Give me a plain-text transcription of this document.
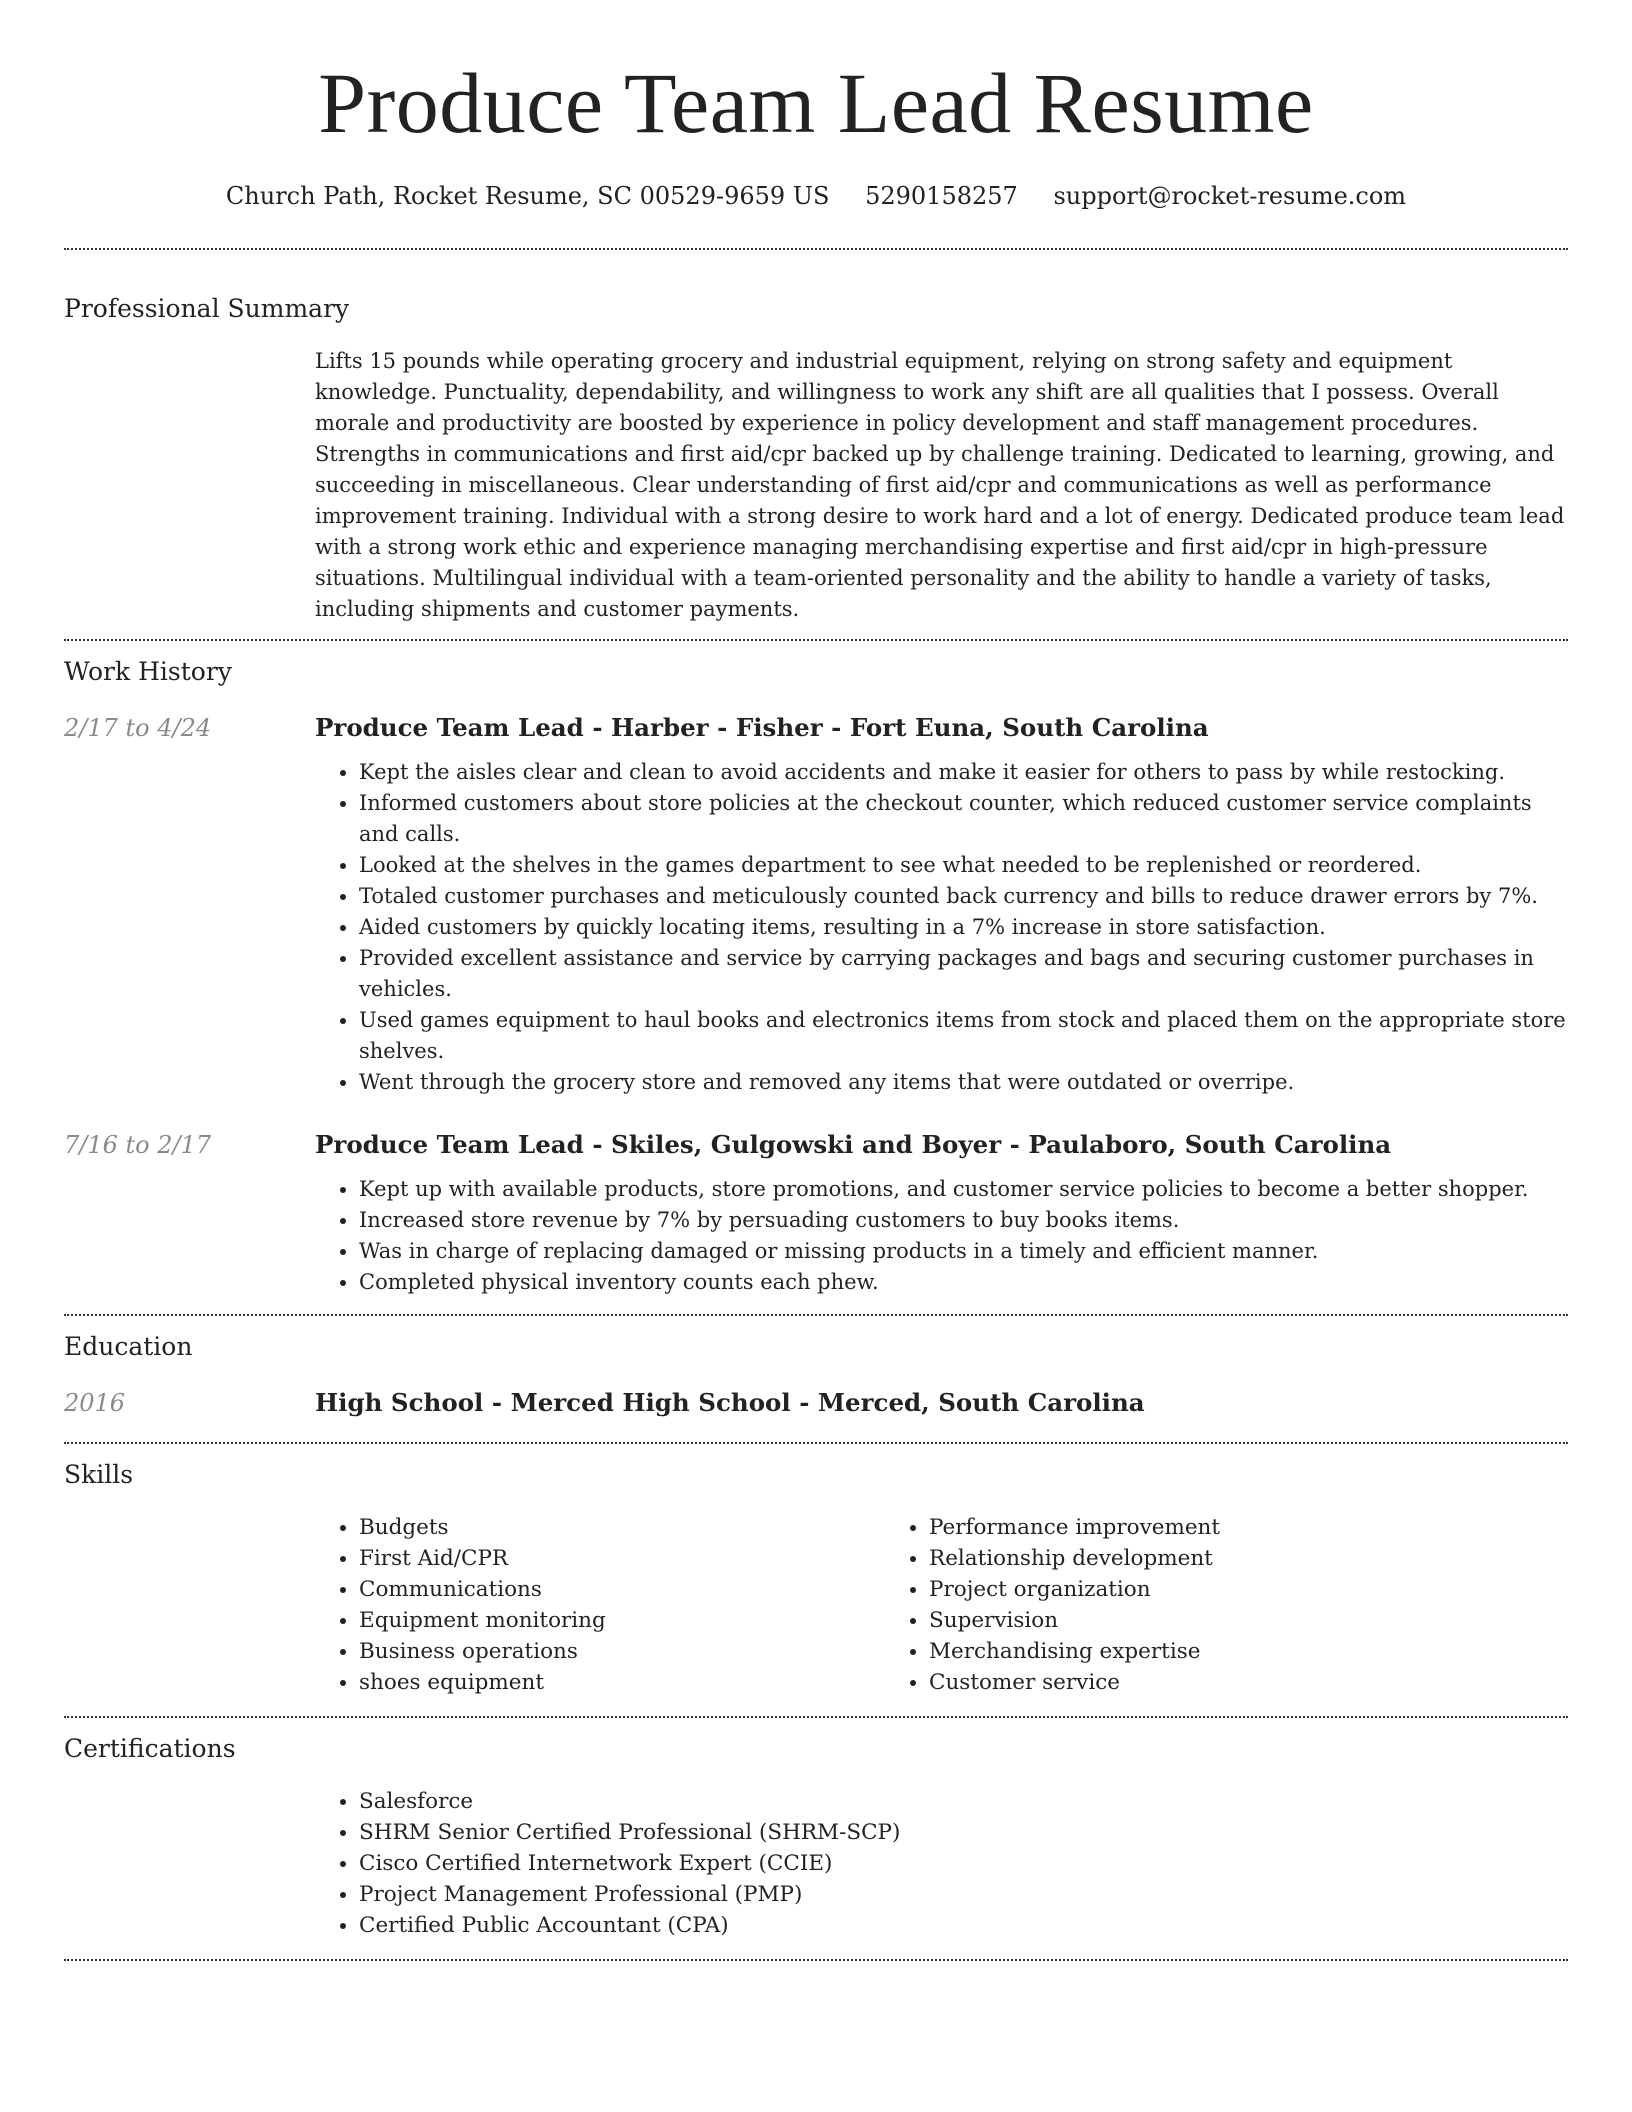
Produce Team Lead Resume
Church Path, Rocket Resume, SC 00529-9659 US 5290158257 support@rocket-resume.com
Professional Summary
Lifts 15 pounds while operating grocery and industrial equipment, relying on strong safety and equipment knowledge. Punctuality, dependability, and willingness to work any shift are all qualities that I possess. Overall morale and productivity are boosted by experience in policy development and staff management procedures. Strengths in communications and first aid/cpr backed up by challenge training. Dedicated to learning, growing, and succeeding in miscellaneous. Clear understanding of first aid/cpr and communications as well as performance improvement training. Individual with a strong desire to work hard and a lot of energy. Dedicated produce team lead with a strong work ethic and experience managing merchandising expertise and first aid/cpr in high-pressure situations. Multilingual individual with a team-oriented personality and the ability to handle a variety of tasks, including shipments and customer payments.
Work History
2/17 to 4/24	Produce Team Lead - Harber - Fisher - Fort Euna, South Carolina
• Kept the aisles clear and clean to avoid accidents and make it easier for others to pass by while restocking.
• Informed customers about store policies at the checkout counter, which reduced customer service complaints and calls.
• Looked at the shelves in the games department to see what needed to be replenished or reordered.
• Totaled customer purchases and meticulously counted back currency and bills to reduce drawer errors by 7%.
• Aided customers by quickly locating items, resulting in a 7% increase in store satisfaction.
• Provided excellent assistance and service by carrying packages and bags and securing customer purchases in vehicles.
• Used games equipment to haul books and electronics items from stock and placed them on the appropriate store shelves.
• Went through the grocery store and removed any items that were outdated or overripe.
7/16 to 2/17	Produce Team Lead - Skiles, Gulgowski and Boyer - Paulaboro, South Carolina
• Kept up with available products, store promotions, and customer service policies to become a better shopper.
• Increased store revenue by 7% by persuading customers to buy books items.
• Was in charge of replacing damaged or missing products in a timely and efficient manner.
• Completed physical inventory counts each phew.
Education
2016	High School - Merced High School - Merced, South Carolina
Skills
• Budgets
• First Aid/CPR
• Communications
• Equipment monitoring
• Business operations
• shoes equipment
• Performance improvement
• Relationship development
• Project organization
• Supervision
• Merchandising expertise
• Customer service
Certifications
• Salesforce
• SHRM Senior Certified Professional (SHRM-SCP)
• Cisco Certified Internetwork Expert (CCIE)
• Project Management Professional (PMP)
• Certified Public Accountant (CPA)
